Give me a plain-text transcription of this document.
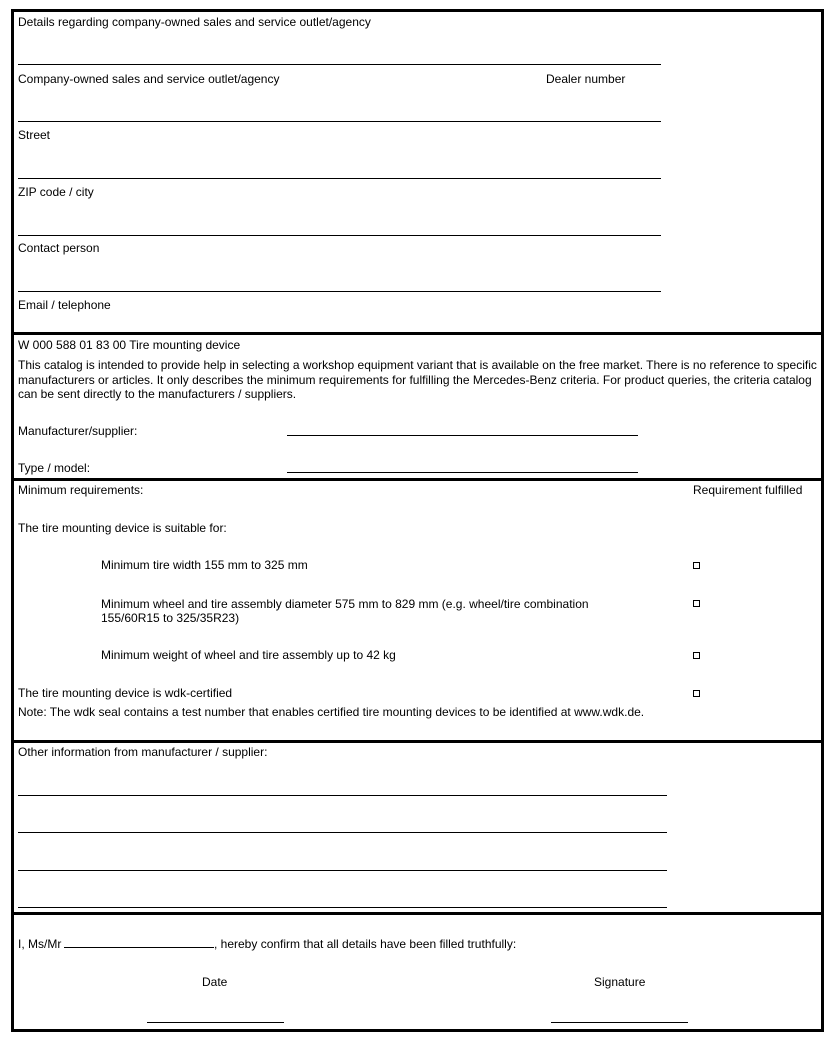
Details regarding company-owned sales and service outlet/agency
Company-owned sales and service outlet/agency	Dealer number
Street
ZIP code / city
Contact person
Email / telephone
W 000 588 01 83 00 Tire mounting device
This catalog is intended to provide help in selecting a workshop equipment variant that is available on the free market. There is no reference to specific manufacturers or articles. It only describes the minimum requirements for fulfilling the Mercedes-Benz criteria. For product queries, the criteria catalog can be sent directly to the manufacturers / suppliers.
Manufacturer/supplier:
Type / model:
Minimum requirements:	Requirement fulfilled
The tire mounting device is suitable for:
Minimum tire width 155 mm to 325 mm
Minimum wheel and tire assembly diameter 575 mm to 829 mm (e.g. wheel/tire combination 155/60R15 to 325/35R23)
Minimum weight of wheel and tire assembly up to 42 kg
The tire mounting device is wdk-certified
Note: The wdk seal contains a test number that enables certified tire mounting devices to be identified at www.wdk.de.
Other information from manufacturer / supplier:
I, Ms/Mr	, hereby confirm that all details have been filled truthfully:
Date	Signature
